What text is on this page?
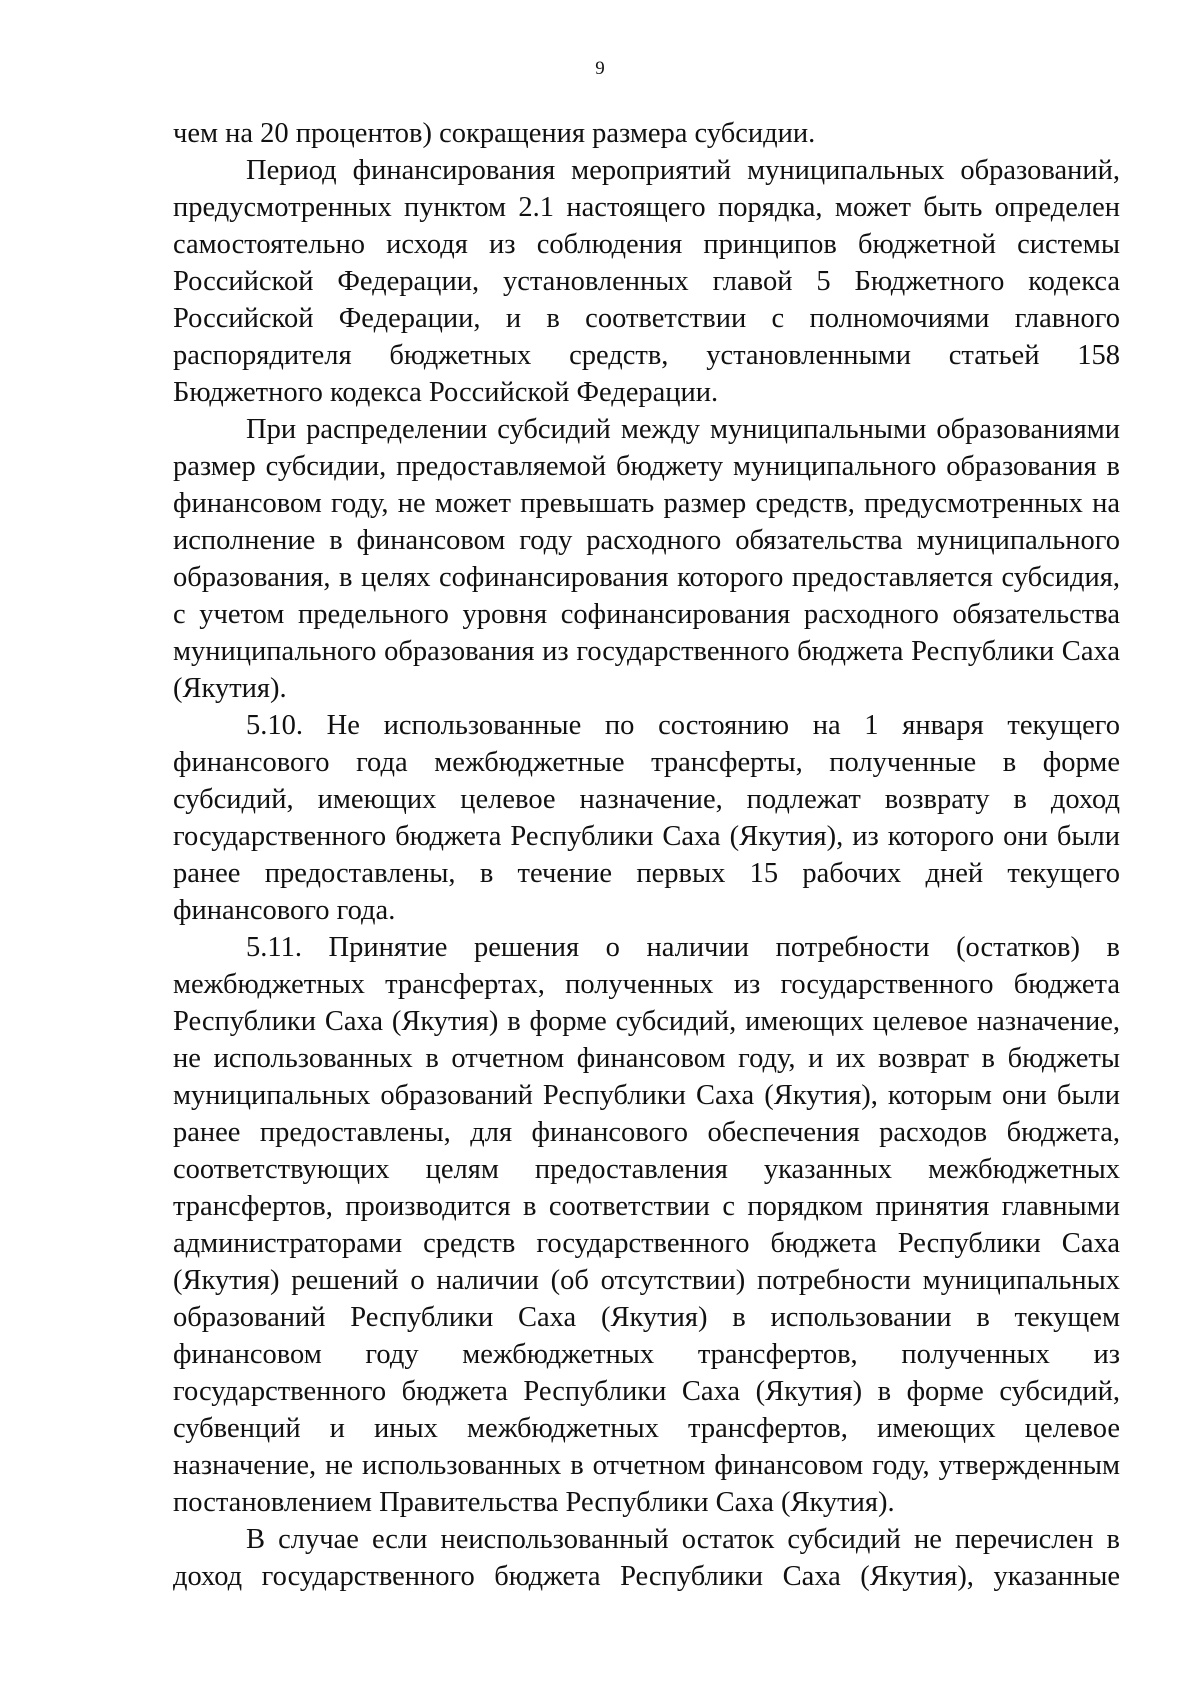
9

чем на 20 процентов) сокращения размера субсидии.

Период финансирования мероприятий муниципальных образований, предусмотренных пунктом 2.1 настоящего порядка, может быть определен самостоятельно исходя из соблюдения принципов бюджетной системы Российской Федерации, установленных главой 5 Бюджетного кодекса Российской Федерации, и в соответствии с полномочиями главного распорядителя бюджетных средств, установленными статьей 158 Бюджетного кодекса Российской Федерации.

При распределении субсидий между муниципальными образованиями размер субсидии, предоставляемой бюджету муниципального образования в финансовом году, не может превышать размер средств, предусмотренных на исполнение в финансовом году расходного обязательства муниципального образования, в целях софинансирования которого предоставляется субсидия, с учетом предельного уровня софинансирования расходного обязательства муниципального образования из государственного бюджета Республики Саха (Якутия).

5.10. Не использованные по состоянию на 1 января текущего финансового года межбюджетные трансферты, полученные в форме субсидий, имеющих целевое назначение, подлежат возврату в доход государственного бюджета Республики Саха (Якутия), из которого они были ранее предоставлены, в течение первых 15 рабочих дней текущего финансового года.

5.11. Принятие решения о наличии потребности (остатков) в межбюджетных трансфертах, полученных из государственного бюджета Республики Саха (Якутия) в форме субсидий, имеющих целевое назначение, не использованных в отчетном финансовом году, и их возврат в бюджеты муниципальных образований Республики Саха (Якутия), которым они были ранее предоставлены, для финансового обеспечения расходов бюджета, соответствующих целям предоставления указанных межбюджетных трансфертов, производится в соответствии с порядком принятия главными администраторами средств государственного бюджета Республики Саха (Якутия) решений о наличии (об отсутствии) потребности муниципальных образований Республики Саха (Якутия) в использовании в текущем финансовом году межбюджетных трансфертов, полученных из государственного бюджета Республики Саха (Якутия) в форме субсидий, субвенций и иных межбюджетных трансфертов, имеющих целевое назначение, не использованных в отчетном финансовом году, утвержденным постановлением Правительства Республики Саха (Якутия).

В случае если неиспользованный остаток субсидий не перечислен в доход государственного бюджета Республики Саха (Якутия), указанные
